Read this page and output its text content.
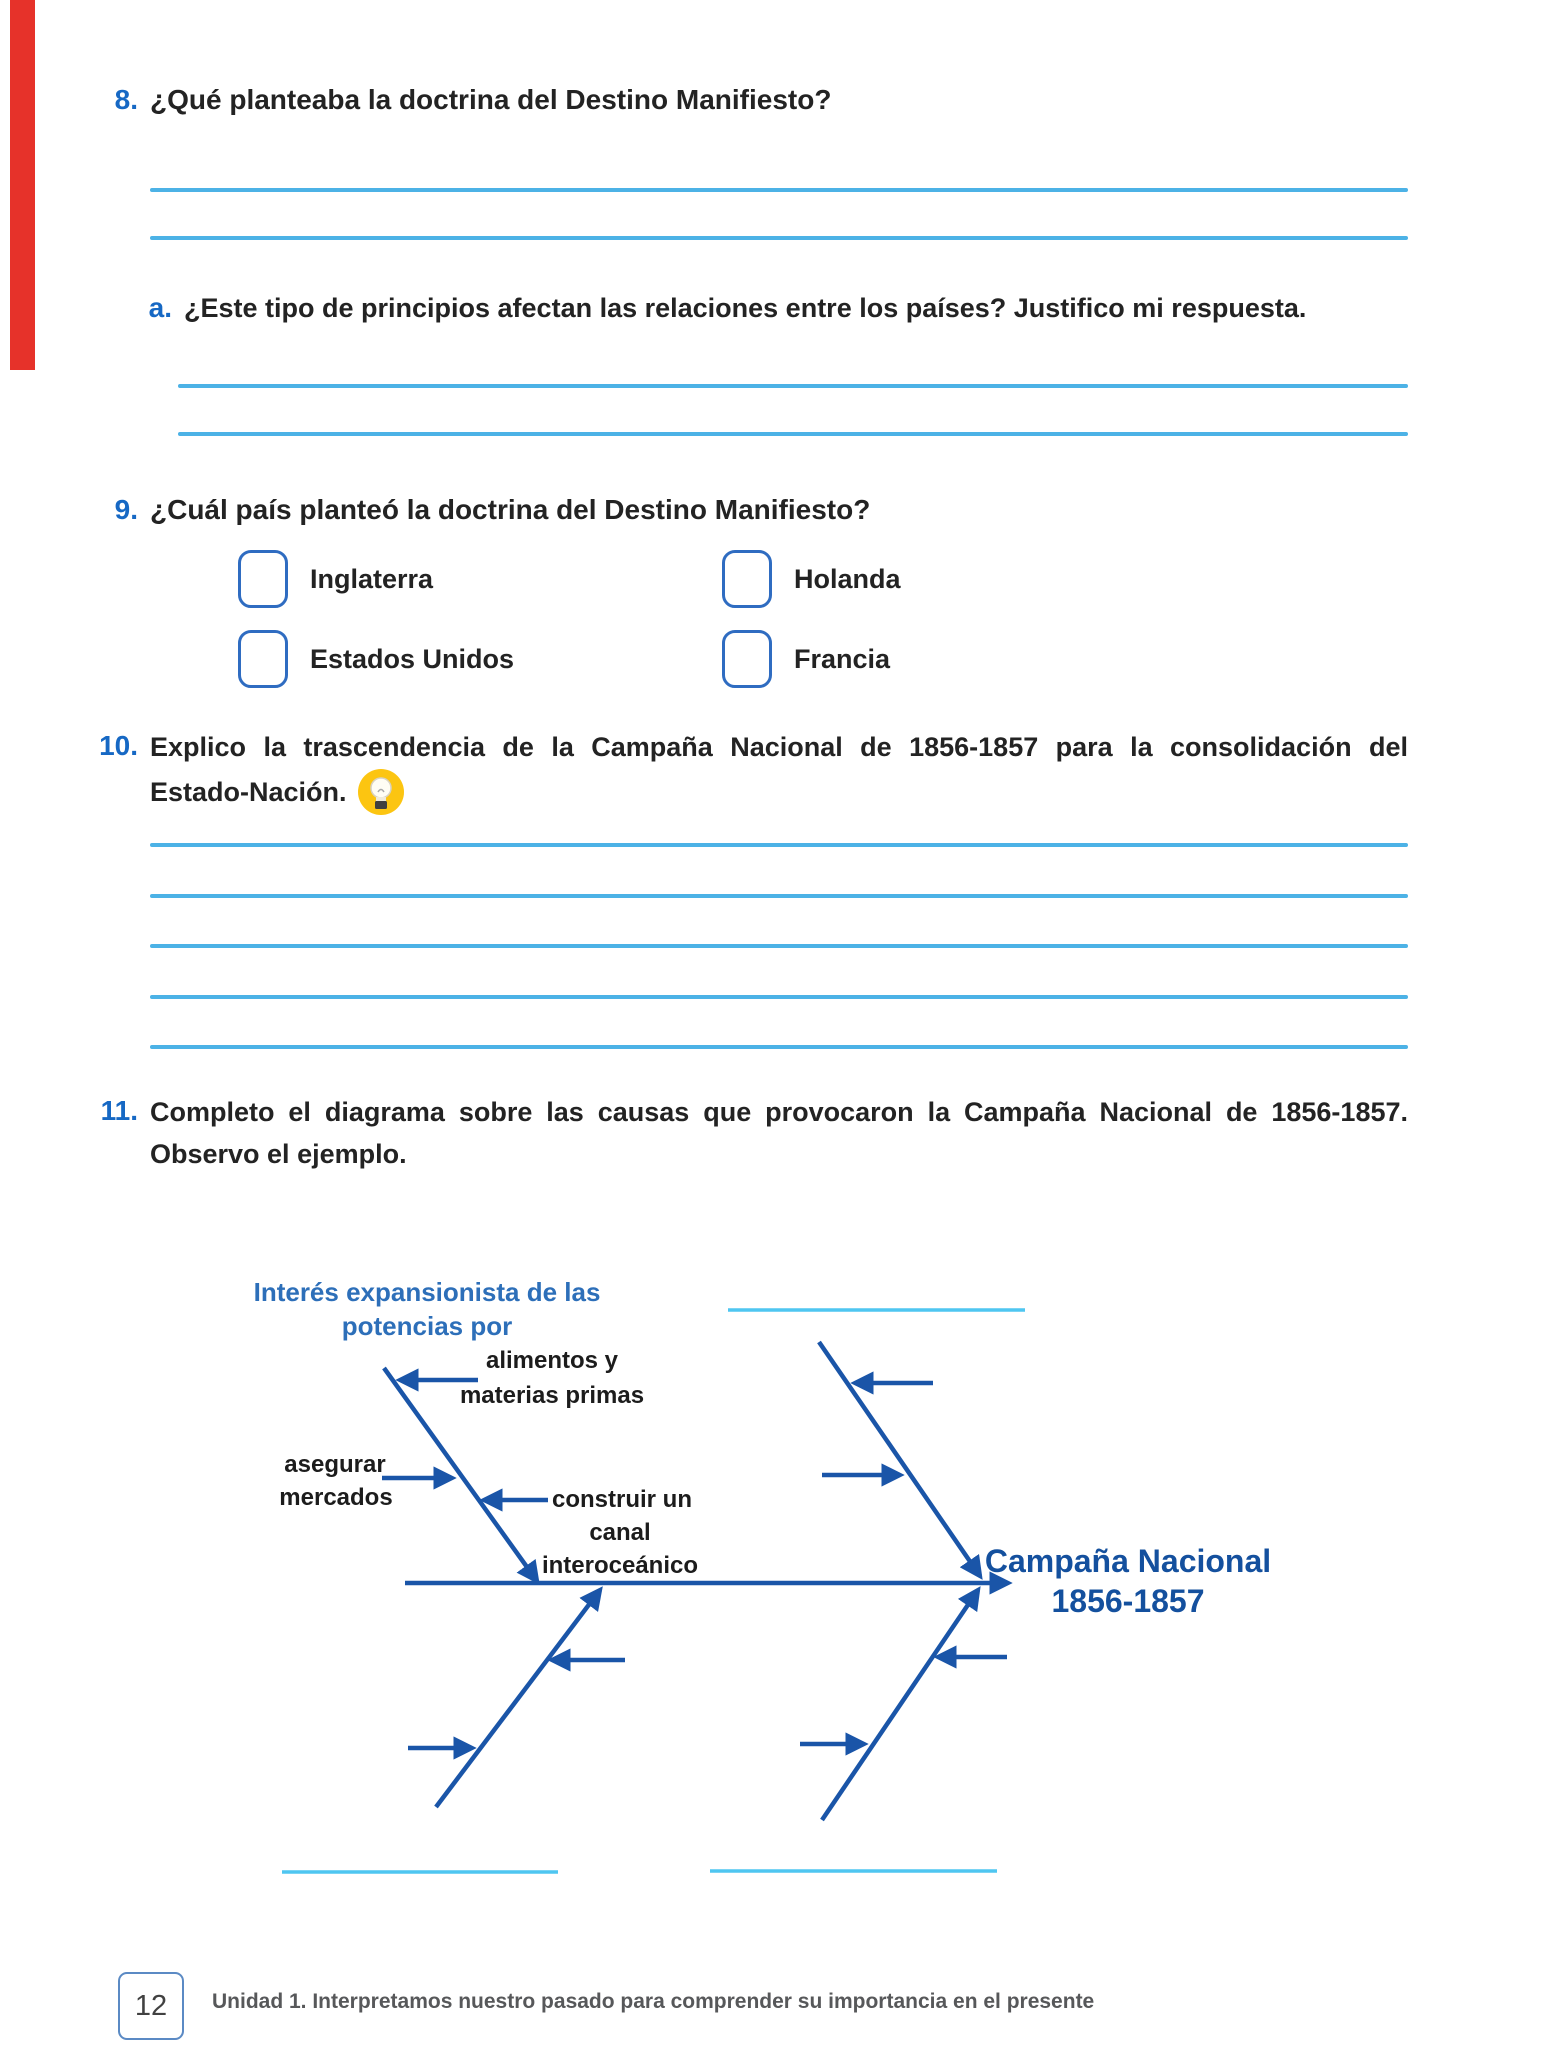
8. ¿Qué planteaba la doctrina del Destino Manifiesto?
a. ¿Este tipo de principios afectan las relaciones entre los países? Justifico mi respuesta.
9. ¿Cuál país planteó la doctrina del Destino Manifiesto?
Inglaterra	Holanda
Estados Unidos	Francia
10. Explico la trascendencia de la Campaña Nacional de 1856-1857 para la consolidación del
Estado-Nación.
11. Completo el diagrama sobre las causas que provocaron la Campaña Nacional de 1856-1857.
Observo el ejemplo.
Campaña Nacional
1856-1857
Interés expansionista de las
potencias por
alimentos y
materias primas
asegurar
mercados	construir un
canal
interoceánico
12 Unidad 1. Interpretamos nuestro pasado para comprender su importancia en el presente
